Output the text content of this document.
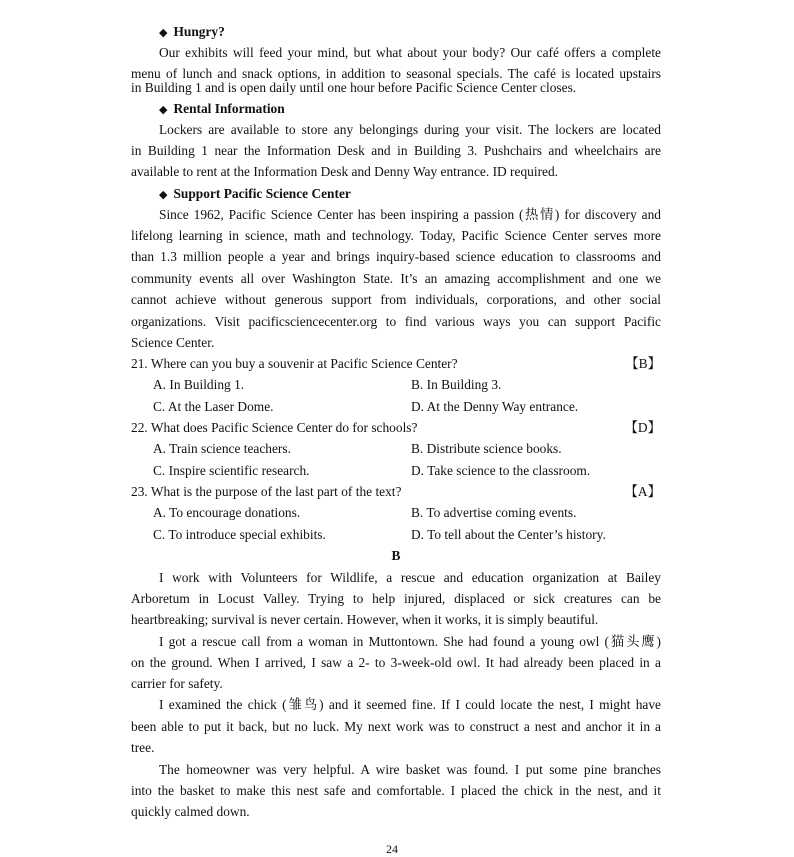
◆ Hungry?
Our exhibits will feed your mind, but what about your body? Our café offers a complete
menu of lunch and snack options, in addition to seasonal specials. The café is located upstairs
in Building 1 and is open daily until one hour before Pacific Science Center closes.
◆ Rental Information
Lockers are available to store any belongings during your visit. The lockers are located
in Building 1 near the Information Desk and in Building 3. Pushchairs and wheelchairs are
available to rent at the Information Desk and Denny Way entrance. ID required.
◆ Support Pacific Science Center
Since 1962, Pacific Science Center has been inspiring a passion (热情) for discovery and
lifelong learning in science, math and technology. Today, Pacific Science Center serves more
than 1.3 million people a year and brings inquiry-based science education to classrooms and
community events all over Washington State. It’s an amazing accomplishment and one we
cannot achieve without generous support from individuals, corporations, and other social
organizations. Visit pacificsciencecenter.org to find various ways you can support Pacific
Science Center.
21. Where can you buy a souvenir at Pacific Science Center?	【B】
A. In Building 1.	B. In Building 3.
C. At the Laser Dome.	D. At the Denny Way entrance.
22. What does Pacific Science Center do for schools?	【D】
A. Train science teachers.	B. Distribute science books.
C. Inspire scientific research.	D. Take science to the classroom.
23. What is the purpose of the last part of the text?	【A】
A. To encourage donations.	B. To advertise coming events.
C. To introduce special exhibits.	D. To tell about the Center’s history.
B
I work with Volunteers for Wildlife, a rescue and education organization at Bailey
Arboretum in Locust Valley. Trying to help injured, displaced or sick creatures can be
heartbreaking; survival is never certain. However, when it works, it is simply beautiful.
I got a rescue call from a woman in Muttontown. She had found a young owl (猫头鹰)
on the ground. When I arrived, I saw a 2- to 3-week-old owl. It had already been placed in a
carrier for safety.
I examined the chick (雏鸟) and it seemed fine. If I could locate the nest, I might have
been able to put it back, but no luck. My next work was to construct a nest and anchor it in a
tree.
The homeowner was very helpful. A wire basket was found. I put some pine branches
into the basket to make this nest safe and comfortable. I placed the chick in the nest, and it
quickly calmed down.
24
